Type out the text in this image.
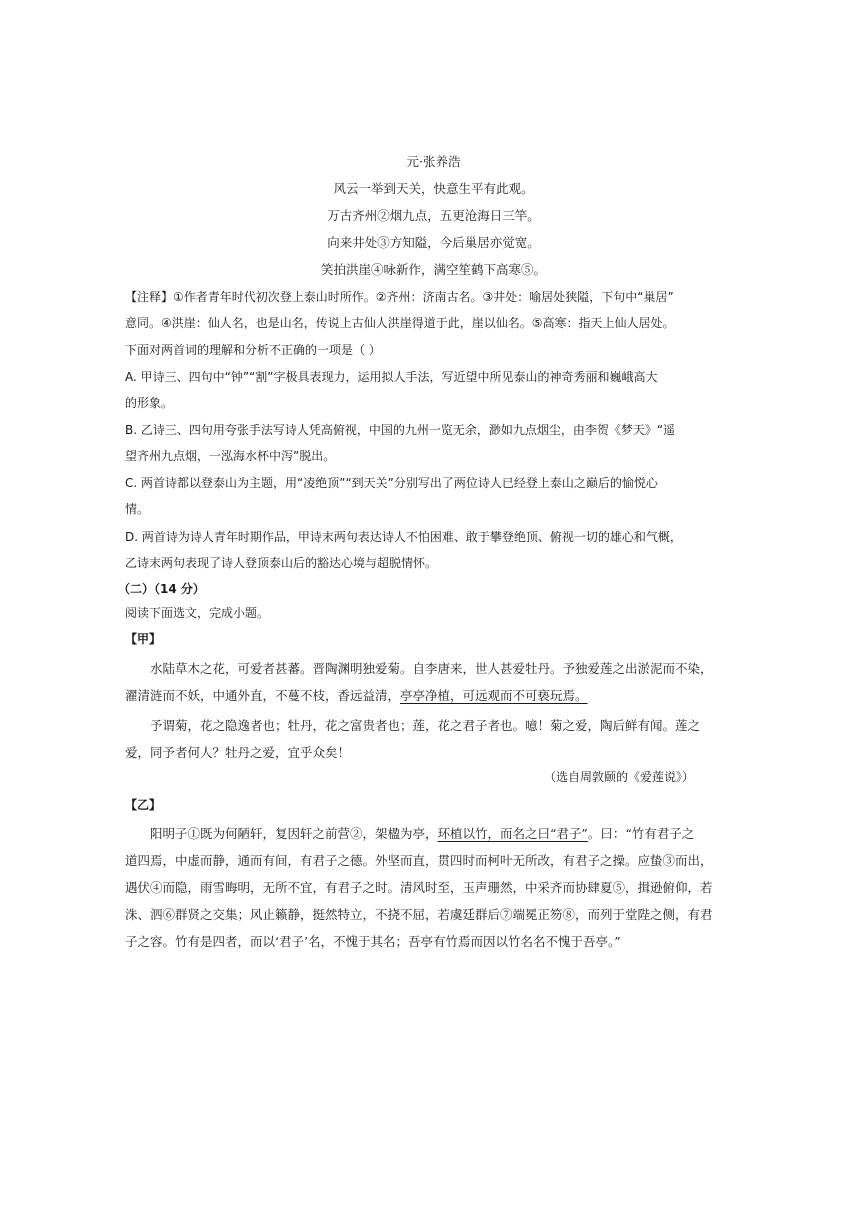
元·张养浩
风云一举到天关，快意生平有此观。
万古齐州②烟九点，五更沧海日三竿。
向来井处③方知隘，今后巢居亦觉宽。
笑拍洪崖④咏新作，满空笙鹤下高寒⑤。
【注释】①作者青年时代初次登上泰山时所作。②齐州：济南古名。③井处：喻居处狭隘，下句中“巢居”
意同。④洪崖：仙人名，也是山名，传说上古仙人洪崖得道于此，崖以仙名。⑤高寒：指天上仙人居处。
下面对两首词的理解和分析不正确的一项是（ ）
A. 甲诗三、四句中“钟”“割”字极具表现力，运用拟人手法，写近望中所见泰山的神奇秀丽和巍峨高大
的形象。
B. 乙诗三、四句用夸张手法写诗人凭高俯视，中国的九州一览无余，渺如九点烟尘，由李贺《梦天》“遥
望齐州九点烟，一泓海水杯中泻”脱出。
C. 两首诗都以登泰山为主题，用“凌绝顶”“到天关”分别写出了两位诗人已经登上泰山之巅后的愉悦心
情。
D. 两首诗为诗人青年时期作品，甲诗末两句表达诗人不怕困难、敢于攀登绝顶、俯视一切的雄心和气概，
乙诗末两句表现了诗人登顶泰山后的豁达心境与超脱情怀。
（二）（14 分）
阅读下面选文，完成小题。
【甲】
水陆草木之花，可爱者甚蕃。晋陶渊明独爱菊。自李唐来，世人甚爱牡丹。予独爱莲之出淤泥而不染，
濯清涟而不妖，中通外直，不蔓不枝，香远益清，亭亭净植，可远观而不可亵玩焉。
予谓菊，花之隐逸者也；牡丹，花之富贵者也；莲，花之君子者也。噫！菊之爱，陶后鲜有闻。莲之
爱，同予者何人？牡丹之爱，宜乎众矣！
（选自周敦颐的《爱莲说》）
【乙】
阳明子①既为何陋轩，复因轩之前营②，架楹为亭，环植以竹，而名之曰“君子”。曰：“竹有君子之
道四焉，中虚而静，通而有间，有君子之德。外坚而直，贯四时而柯叶无所改，有君子之操。应蛰③而出，
遇伏④而隐，雨雪晦明，无所不宜，有君子之时。清风时至，玉声珊然，中采齐而协肆夏⑤，揖逊俯仰，若
洙、泗⑥群贤之交集；风止籁静，挺然特立，不挠不屈，若虞廷群后⑦端冕正笏⑧，而列于堂陛之侧，有君
子之容。竹有是四者，而以‘君子’名，不愧于其名；吾亭有竹焉而因以竹名名不愧于吾亭。”
